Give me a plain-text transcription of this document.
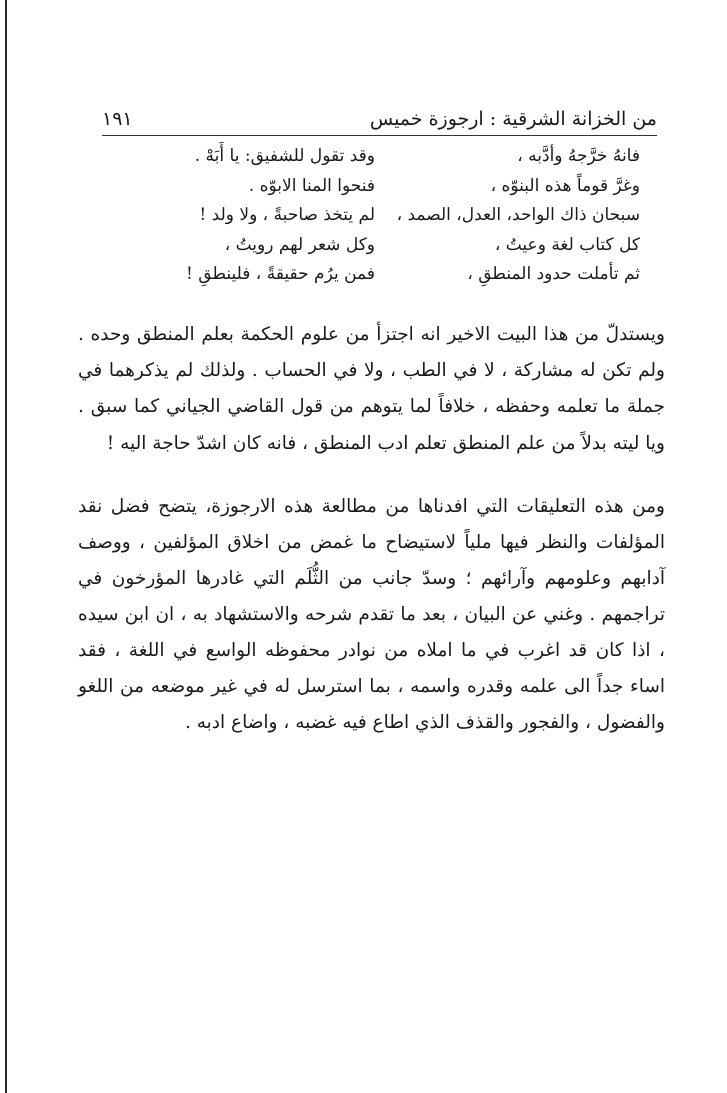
من الخزانة الشرقية : ارجوزة خميس
١٩١
فانهُ خرَّجهُ وأدَّبه ،
وقد تقول للشفيق: يا أَبَهْ .
وغرَّ قوماً هذه البنوّه ،
فنحوا المنا الابوّه .
سبحان ذاك الواحد، العدل، الصمد ،
لم يتخذ صاحبةً ، ولا ولد !
كل كتاب لغة وعيتُ ،
وكل شعر لهم رويتُ ،
ثم تأملت حدود المنطقِ ،
فمن يرُم حقيقةً ، فلينطقِ !

ويستدلّ من هذا البيت الاخير انه اجتزأ من علوم الحكمة بعلم المنطق وحده . ولم تكن له مشاركة ، لا في الطب ، ولا في الحساب . ولذلك لم يذكرهما في جملة ما تعلمه وحفظه ، خلافاً لما يتوهم من قول القاضي الجياني كما سبق . ويا ليته بدلاً من علم المنطق تعلم ادب المنطق ، فانه كان اشدّ حاجة اليه !

ومن هذه التعليقات التي افدناها من مطالعة هذه الارجوزة، يتضح فضل نقد المؤلفات والنظر فيها ملياً لاستيضاح ما غمض من اخلاق المؤلفين ، ووصف آدابهم وعلومهم وآرائهم ؛ وسدّ جانب من الثُّلَم التي غادرها المؤرخون في تراجمهم . وغني عن البيان ، بعد ما تقدم شرحه والاستشهاد به ، ان ابن سيده ، اذا كان قد اغرب في ما املاه من نوادر محفوظه الواسع في اللغة ، فقد اساء جداً الى علمه وقدره واسمه ، بما استرسل له في غير موضعه من اللغو والفضول ، والفجور والقذف الذي اطاع فيه غضبه ، واضاع ادبه .
